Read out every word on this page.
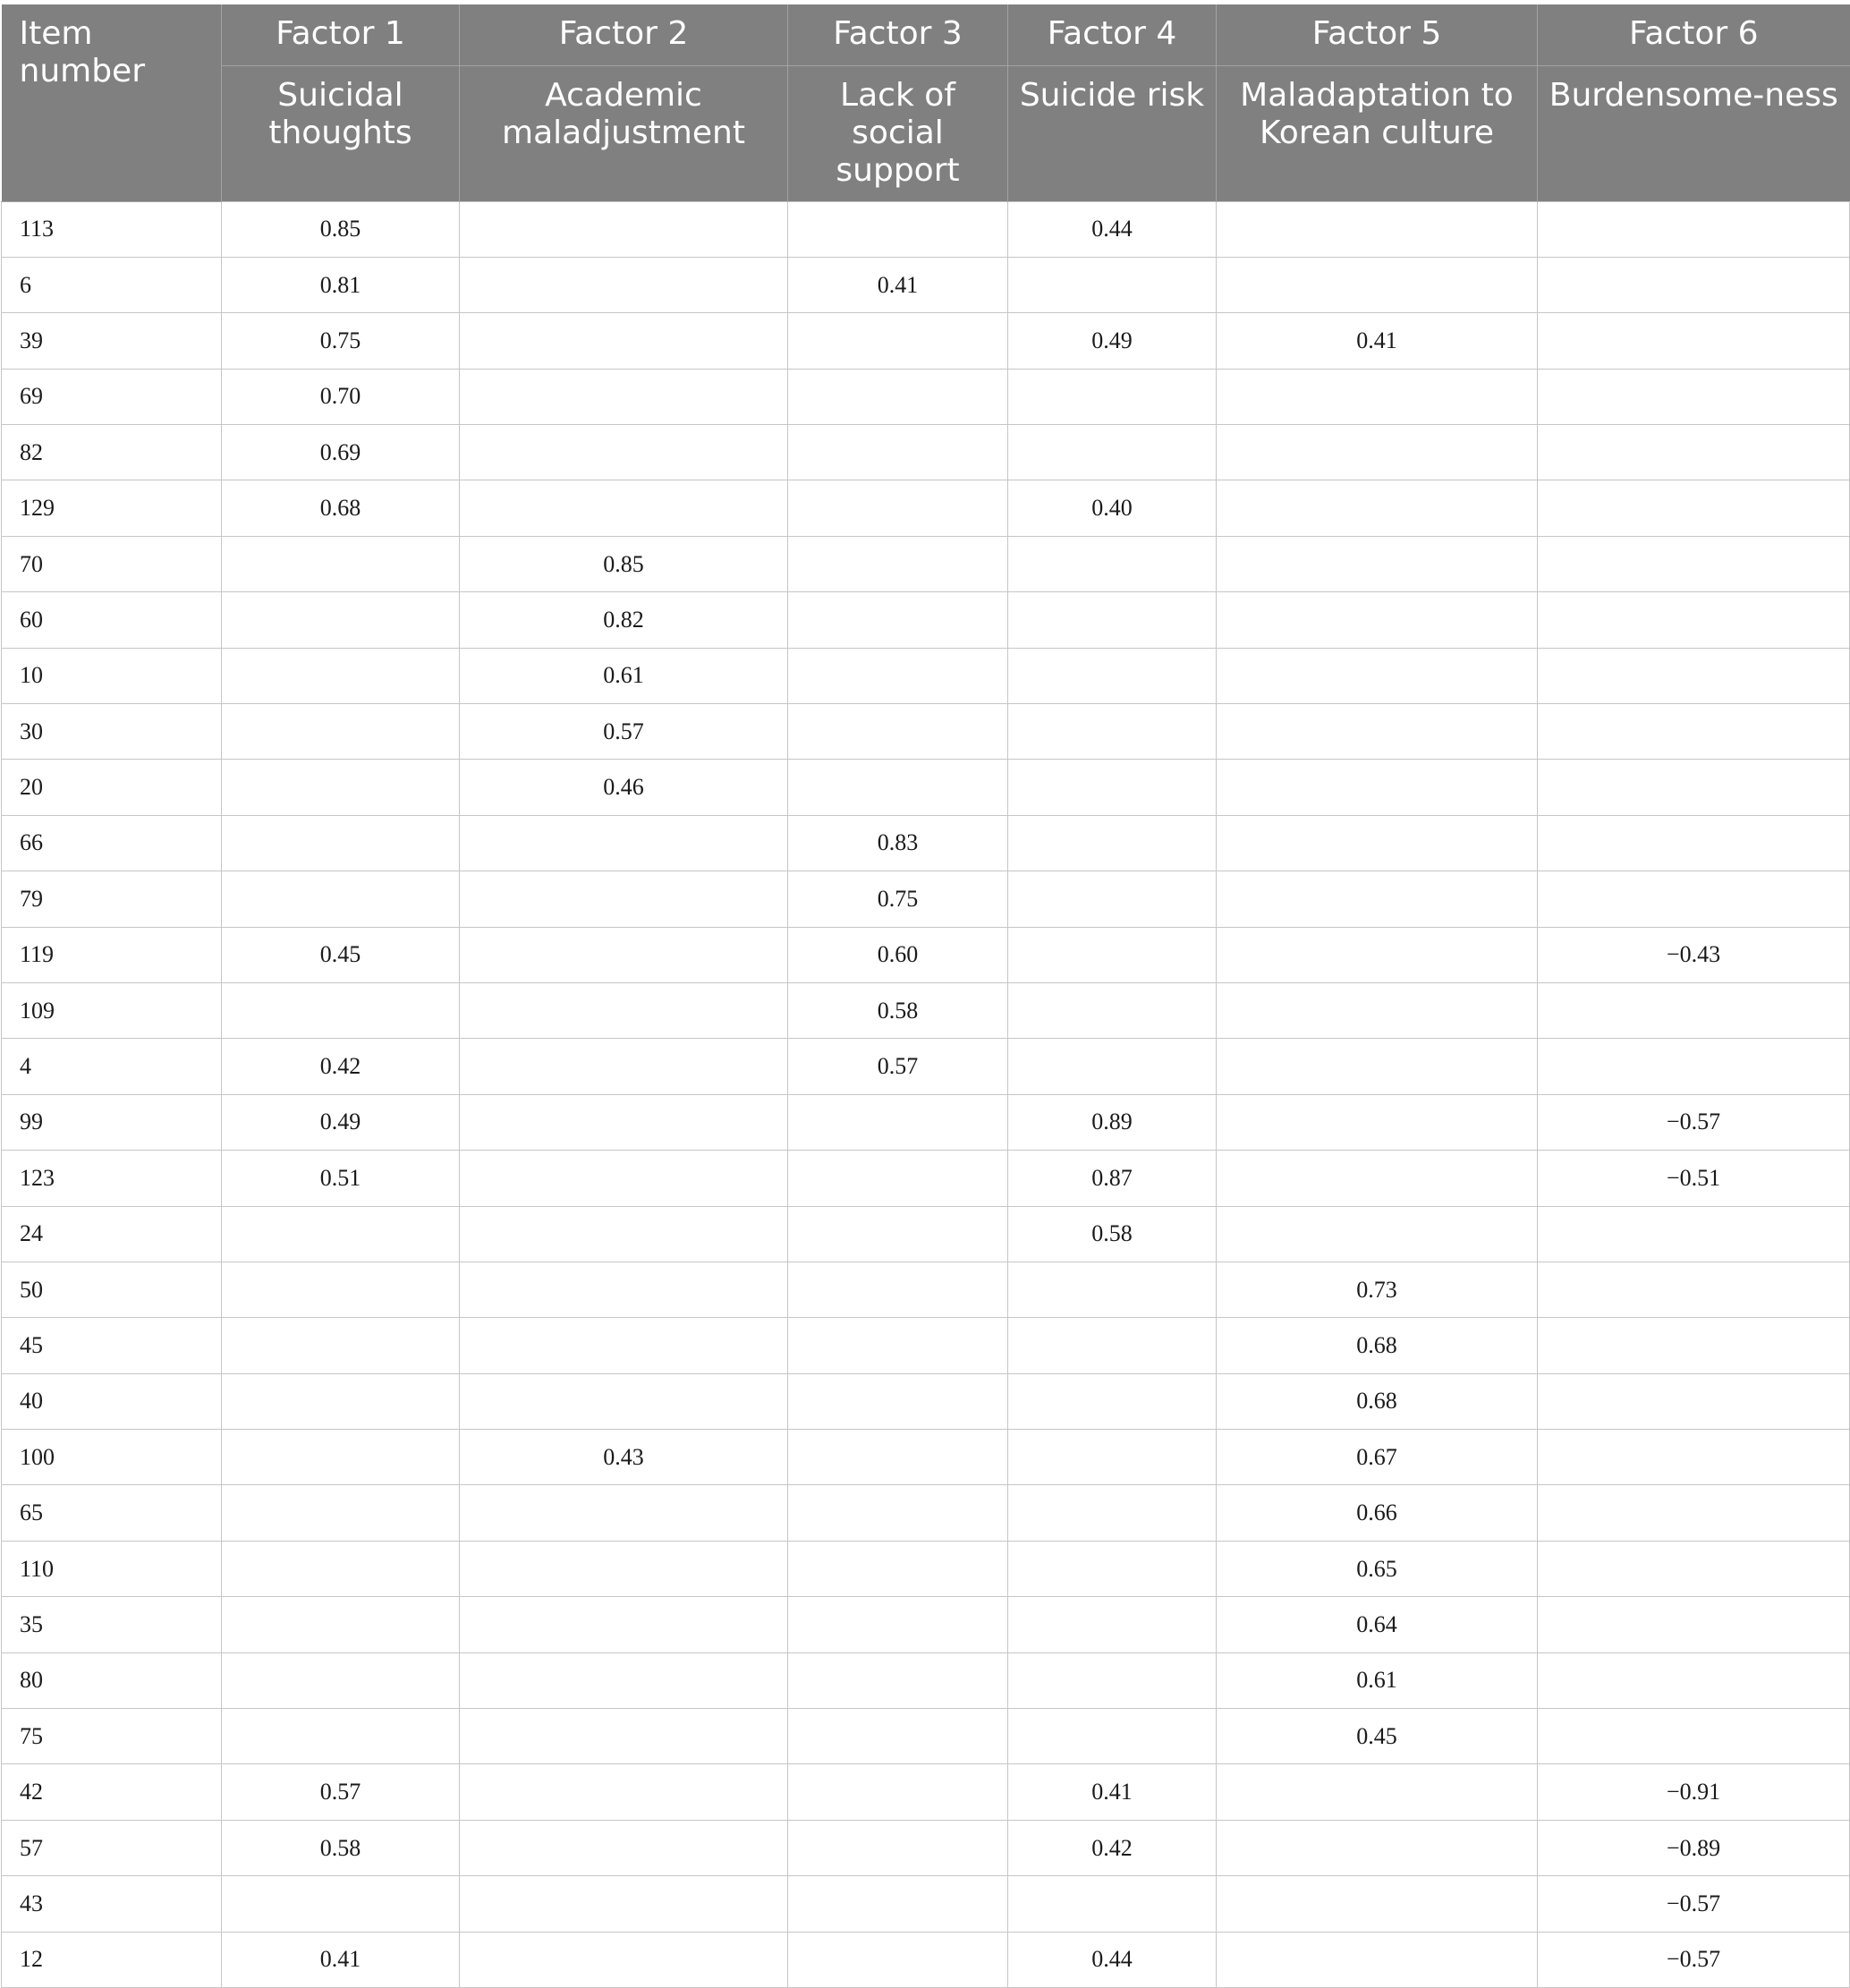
Item number	Factor 1	Factor 2	Factor 3	Factor 4	Factor 5	Factor 6
	Suicidal thoughts	Academic maladjustment	Lack of social support	Suicide risk	Maladaptation to Korean culture	Burdensome-ness
113	0.85			0.44		
6	0.81		0.41			
39	0.75			0.49	0.41	
69	0.70					
82	0.69					
129	0.68			0.40		
70		0.85				
60		0.82				
10		0.61				
30		0.57				
20		0.46				
66			0.83			
79			0.75			
119	0.45		0.60			−0.43
109			0.58			
4	0.42		0.57			
99	0.49			0.89		−0.57
123	0.51			0.87		−0.51
24				0.58		
50					0.73	
45					0.68	
40					0.68	
100		0.43			0.67	
65					0.66	
110					0.65	
35					0.64	
80					0.61	
75					0.45	
42	0.57			0.41		−0.91
57	0.58			0.42		−0.89
43						−0.57
12	0.41			0.44		−0.57
